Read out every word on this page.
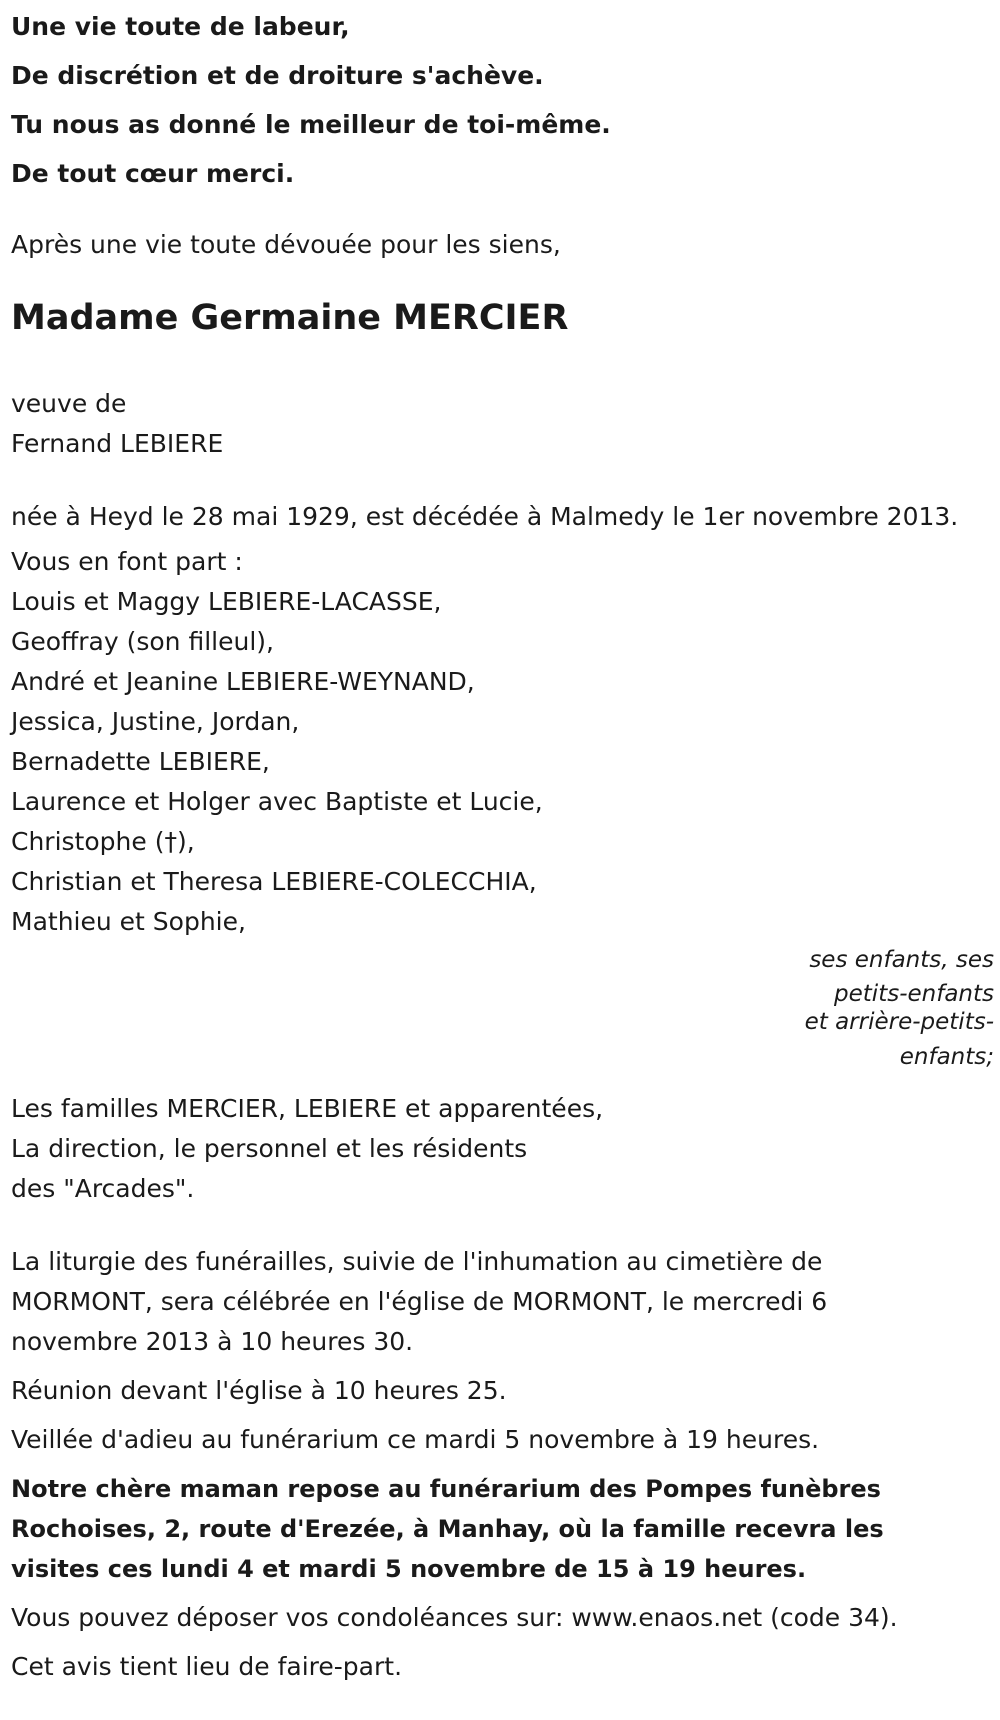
Une vie toute de labeur,
De discrétion et de droiture s'achève.
Tu nous as donné le meilleur de toi-même.
De tout cœur merci.
Après une vie toute dévouée pour les siens,
Madame Germaine MERCIER
veuve de
Fernand LEBIERE
née à Heyd le 28 mai 1929, est décédée à Malmedy le 1er novembre 2013.
Vous en font part :
Louis et Maggy LEBIERE-LACASSE,
Geoffray (son filleul),
André et Jeanine LEBIERE-WEYNAND,
Jessica, Justine, Jordan,
Bernadette LEBIERE,
Laurence et Holger avec Baptiste et Lucie,
Christophe (†),
Christian et Theresa LEBIERE-COLECCHIA,
Mathieu et Sophie,
ses enfants, ses
petits-enfants
et arrière-petits-
enfants;
Les familles MERCIER, LEBIERE et apparentées,
La direction, le personnel et les résidents
des "Arcades".
La liturgie des funérailles, suivie de l'inhumation au cimetière de MORMONT, sera célébrée en l'église de MORMONT, le mercredi 6 novembre 2013 à 10 heures 30.
Réunion devant l'église à 10 heures 25.
Veillée d'adieu au funérarium ce mardi 5 novembre à 19 heures.
Notre chère maman repose au funérarium des Pompes funèbres Rochoises, 2, route d'Erezée, à Manhay, où la famille recevra les visites ces lundi 4 et mardi 5 novembre de 15 à 19 heures.
Vous pouvez déposer vos condoléances sur: www.enaos.net (code 34).
Cet avis tient lieu de faire-part.
